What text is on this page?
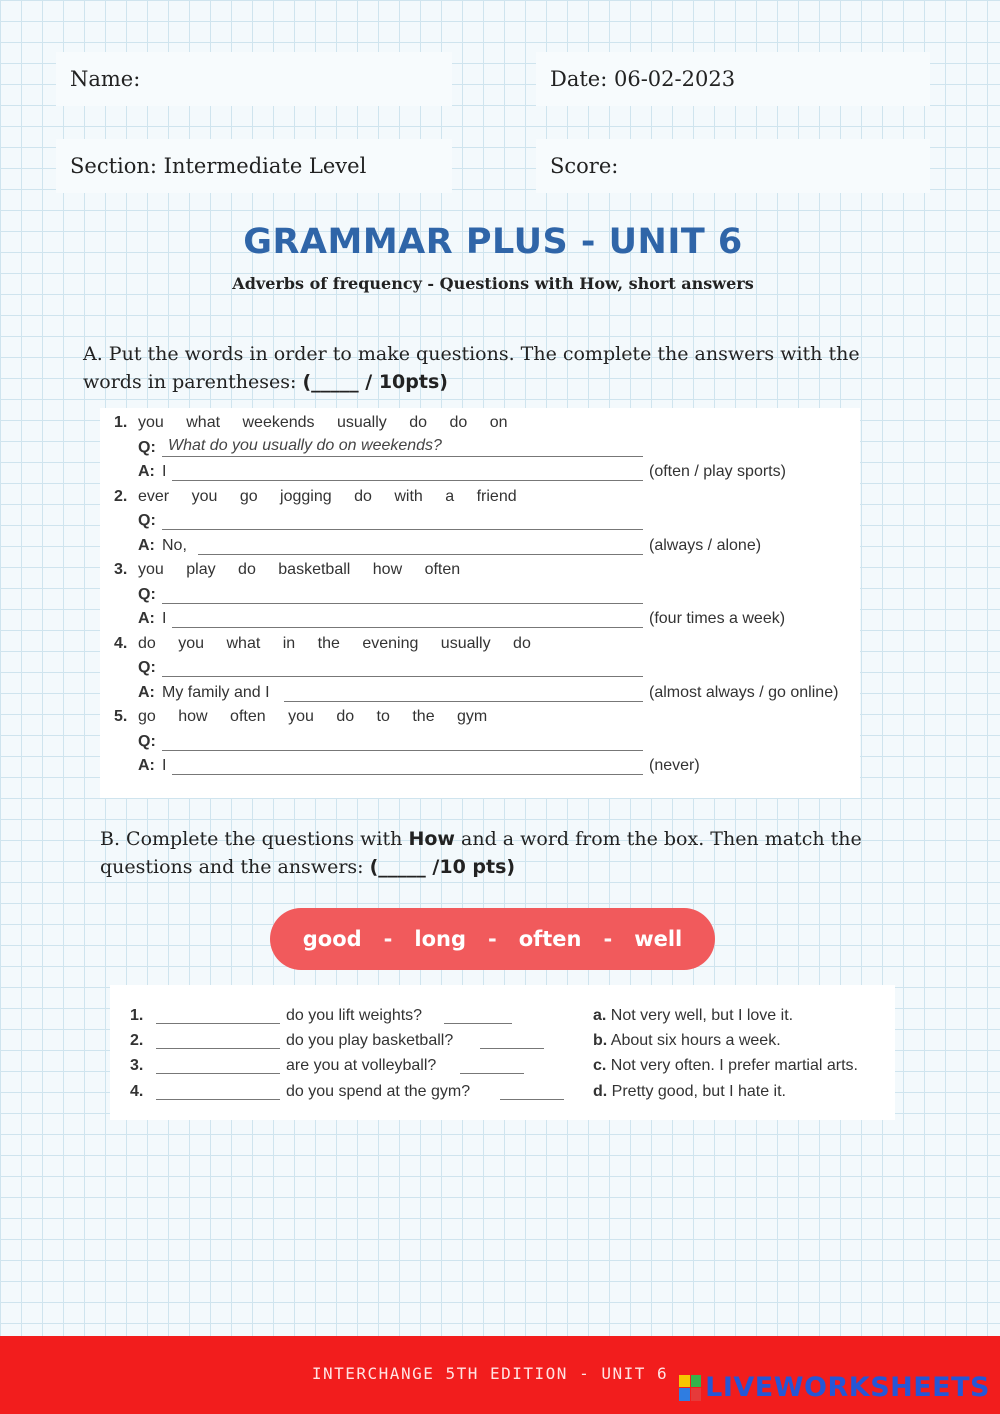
Name:	Date: 06-02-2023
Section: Intermediate Level	Score:
GRAMMAR PLUS - UNIT 6
Adverbs of frequency - Questions with How, short answers
A. Put the words in order to make questions. The complete the answers with the words in parentheses: (_____ / 10pts)
1. you what weekends usually do do on
Q: What do you usually do on weekends?
A: I	(often / play sports)
2. ever you go jogging do with a friend
Q:
A: No,	(always / alone)
3. you play do basketball how often
Q:
A: I	(four times a week)
4. do you what in the evening usually do
Q:
A: My family and I	(almost always / go online)
5. go how often you do to the gym
Q:
A: I	(never)
B. Complete the questions with How and a word from the box. Then match the questions and the answers: (_____ /10 pts)
good - long - often - well
1.	do you lift weights?	a. Not very well, but I love it.
2.	do you play basketball?	b. About six hours a week.
3.	are you at volleyball?	c. Not very often. I prefer martial arts.
4.	do you spend at the gym?	d. Pretty good, but I hate it.
INTERCHANGE 5TH EDITION - UNIT 6	LIVEWORKSHEETS
